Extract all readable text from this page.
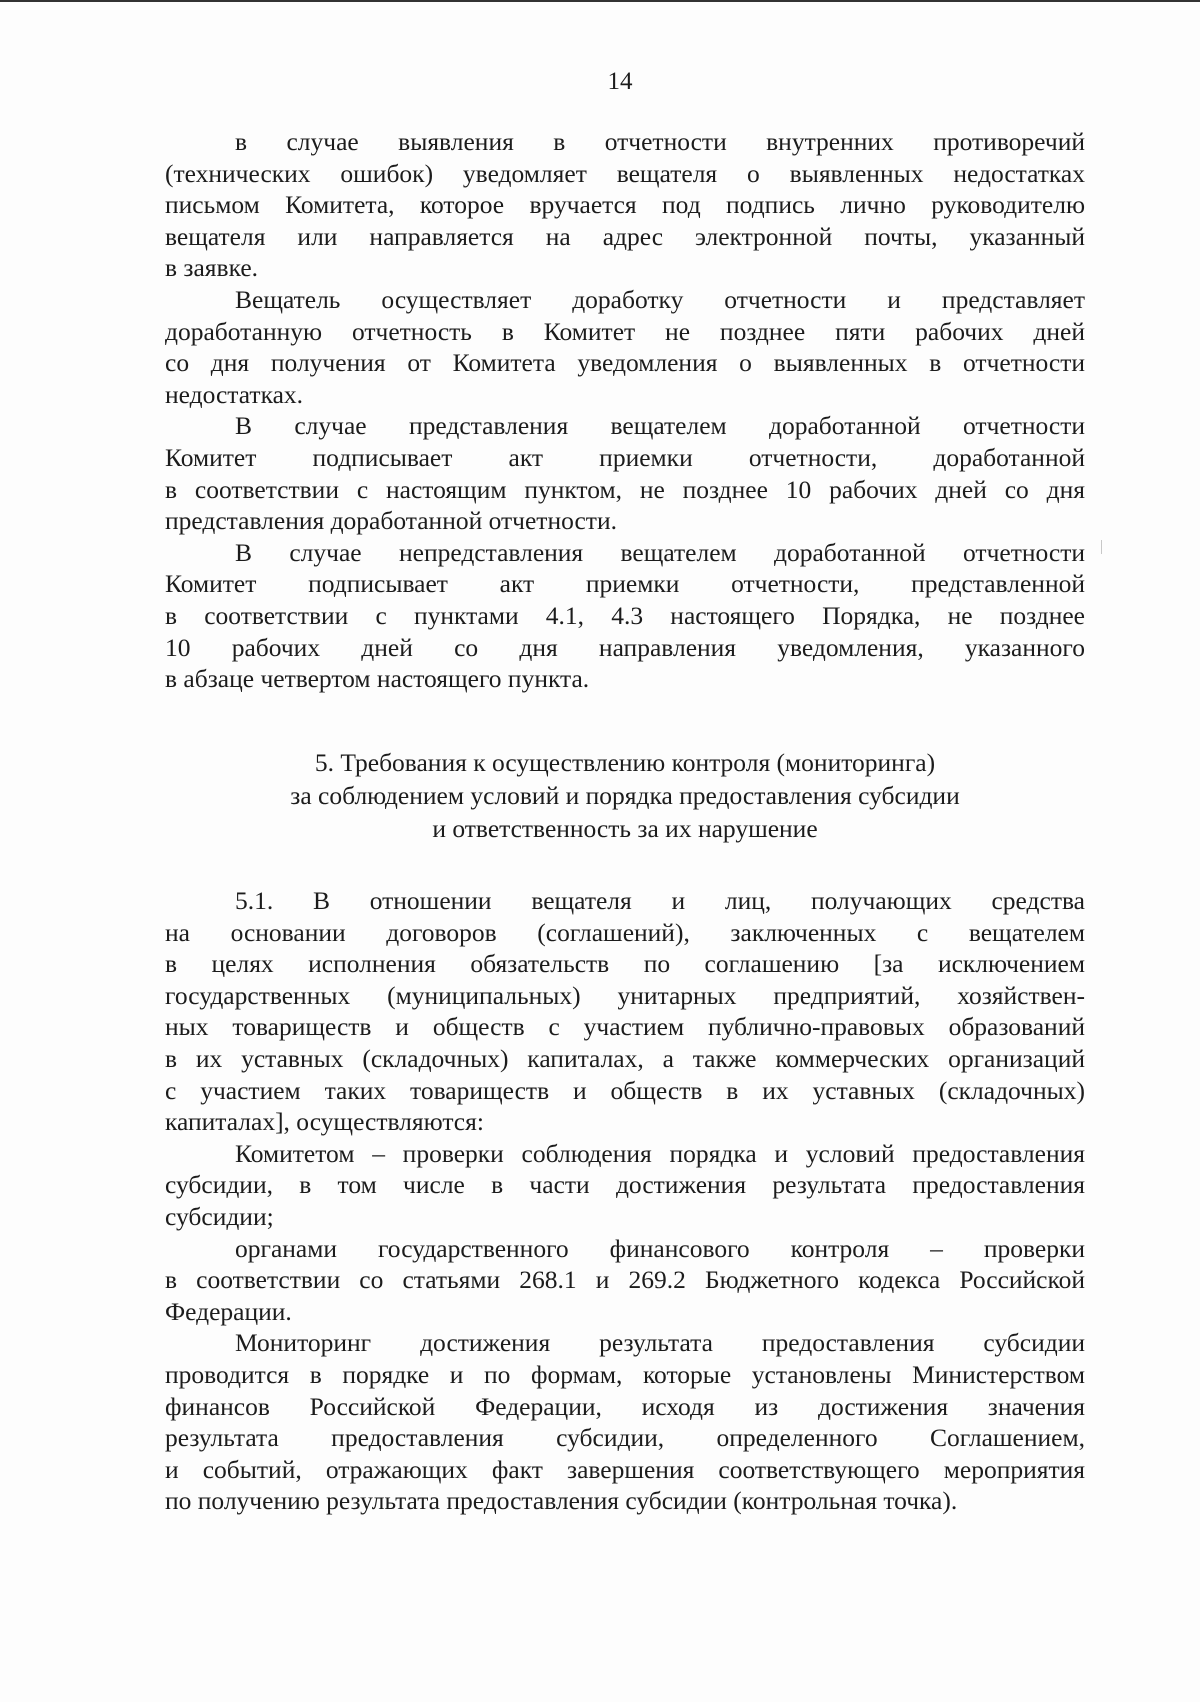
14
в случае выявления в отчетности внутренних противоречий
(технических ошибок) уведомляет вещателя о выявленных недостатках
письмом Комитета, которое вручается под подпись лично руководителю
вещателя или направляется на адрес электронной почты, указанный
в заявке.
Вещатель осуществляет доработку отчетности и представляет
доработанную отчетность в Комитет не позднее пяти рабочих дней
со дня получения от Комитета уведомления о выявленных в отчетности
недостатках.
В случае представления вещателем доработанной отчетности
Комитет подписывает акт приемки отчетности, доработанной
в соответствии с настоящим пунктом, не позднее 10 рабочих дней со дня
представления доработанной отчетности.
В случае непредставления вещателем доработанной отчетности
Комитет подписывает акт приемки отчетности, представленной
в соответствии с пунктами 4.1, 4.3 настоящего Порядка, не позднее
10 рабочих дней со дня направления уведомления, указанного
в абзаце четвертом настоящего пункта.
5. Требования к осуществлению контроля (мониторинга)
за соблюдением условий и порядка предоставления субсидии
и ответственность за их нарушение
5.1. В отношении вещателя и лиц, получающих средства
на основании договоров (соглашений), заключенных с вещателем
в целях исполнения обязательств по соглашению [за исключением
государственных (муниципальных) унитарных предприятий, хозяйствен-
ных товариществ и обществ с участием публично-правовых образований
в их уставных (складочных) капиталах, а также коммерческих организаций
с участием таких товариществ и обществ в их уставных (складочных)
капиталах], осуществляются:
Комитетом – проверки соблюдения порядка и условий предоставления
субсидии, в том числе в части достижения результата предоставления
субсидии;
органами государственного финансового контроля – проверки
в соответствии со статьями 268.1 и 269.2 Бюджетного кодекса Российской
Федерации.
Мониторинг достижения результата предоставления субсидии
проводится в порядке и по формам, которые установлены Министерством
финансов Российской Федерации, исходя из достижения значения
результата предоставления субсидии, определенного Соглашением,
и событий, отражающих факт завершения соответствующего мероприятия
по получению результата предоставления субсидии (контрольная точка).
